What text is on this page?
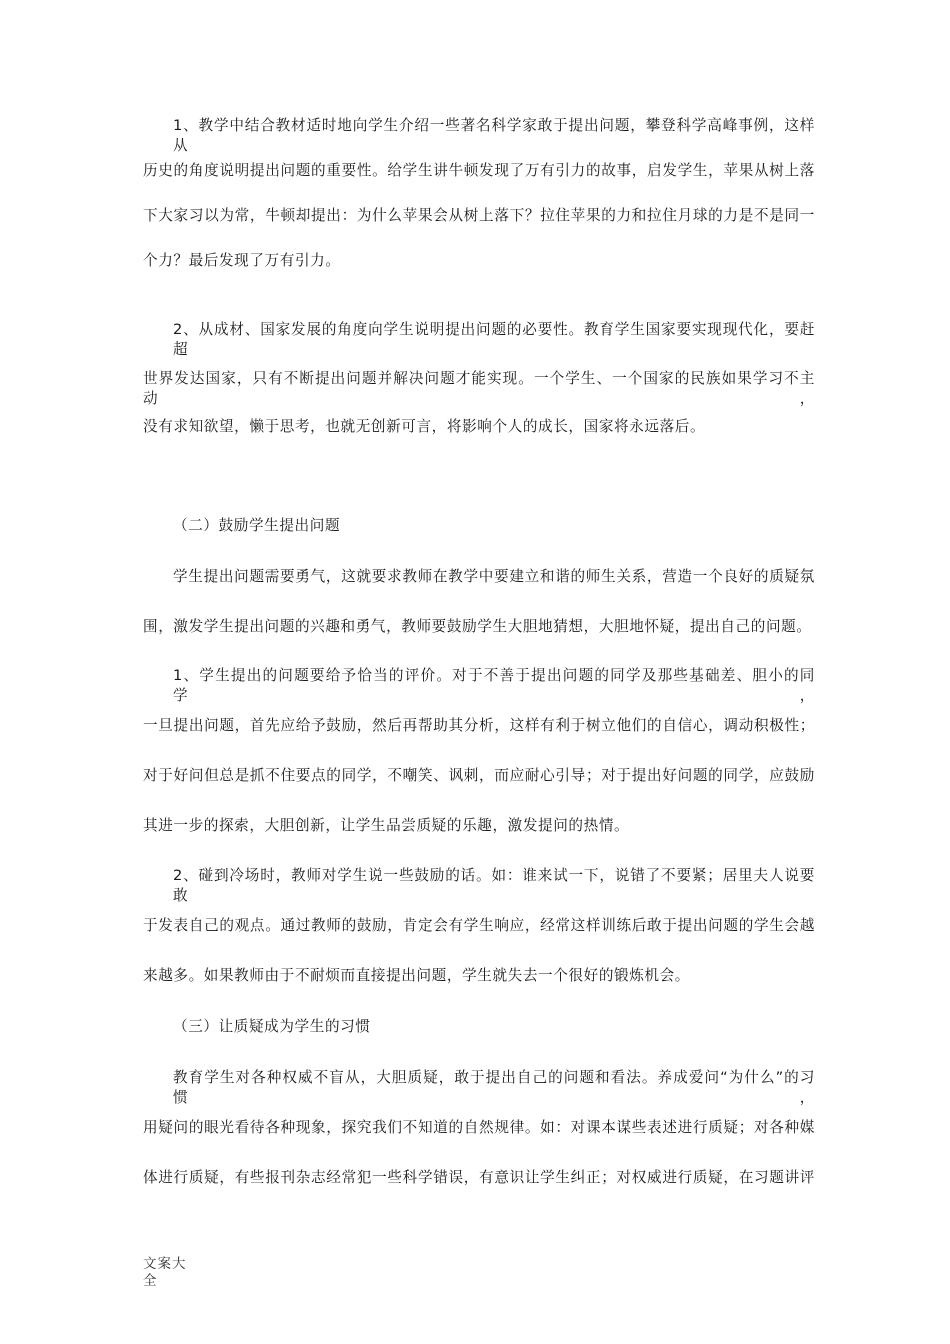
1、教学中结合教材适时地向学生介绍一些著名科学家敢于提出问题，攀登科学高峰事例，这样从
历史的角度说明提出问题的重要性。给学生讲牛顿发现了万有引力的故事，启发学生，苹果从树上落
下大家习以为常，牛顿却提出：为什么苹果会从树上落下？拉住苹果的力和拉住月球的力是不是同一
个力？最后发现了万有引力。
2、从成材、国家发展的角度向学生说明提出问题的必要性。教育学生国家要实现现代化，要赶超
世界发达国家，只有不断提出问题并解决问题才能实现。一个学生、一个国家的民族如果学习不主动，
没有求知欲望，懒于思考，也就无创新可言，将影响个人的成长，国家将永远落后。
（二）鼓励学生提出问题
学生提出问题需要勇气，这就要求教师在教学中要建立和谐的师生关系，营造一个良好的质疑氛
围，激发学生提出问题的兴趣和勇气，教师要鼓励学生大胆地猜想，大胆地怀疑，提出自己的问题。
1、学生提出的问题要给予恰当的评价。对于不善于提出问题的同学及那些基础差、胆小的同学，
一旦提出问题，首先应给予鼓励，然后再帮助其分析，这样有利于树立他们的自信心，调动积极性；
对于好问但总是抓不住要点的同学，不嘲笑、讽刺，而应耐心引导；对于提出好问题的同学，应鼓励
其进一步的探索，大胆创新，让学生品尝质疑的乐趣，激发提问的热情。
2、碰到冷场时，教师对学生说一些鼓励的话。如：谁来试一下，说错了不要紧；居里夫人说要敢
于发表自己的观点。通过教师的鼓励，肯定会有学生响应，经常这样训练后敢于提出问题的学生会越
来越多。如果教师由于不耐烦而直接提出问题，学生就失去一个很好的锻炼机会。
（三）让质疑成为学生的习惯
教育学生对各种权威不盲从，大胆质疑，敢于提出自己的问题和看法。养成爱问“为什么”的习惯，
用疑问的眼光看待各种现象，探究我们不知道的自然规律。如：对课本谋些表述进行质疑；对各种媒
体进行质疑，有些报刊杂志经常犯一些科学错误，有意识让学生纠正；对权威进行质疑，在习题讲评
文案大
全
